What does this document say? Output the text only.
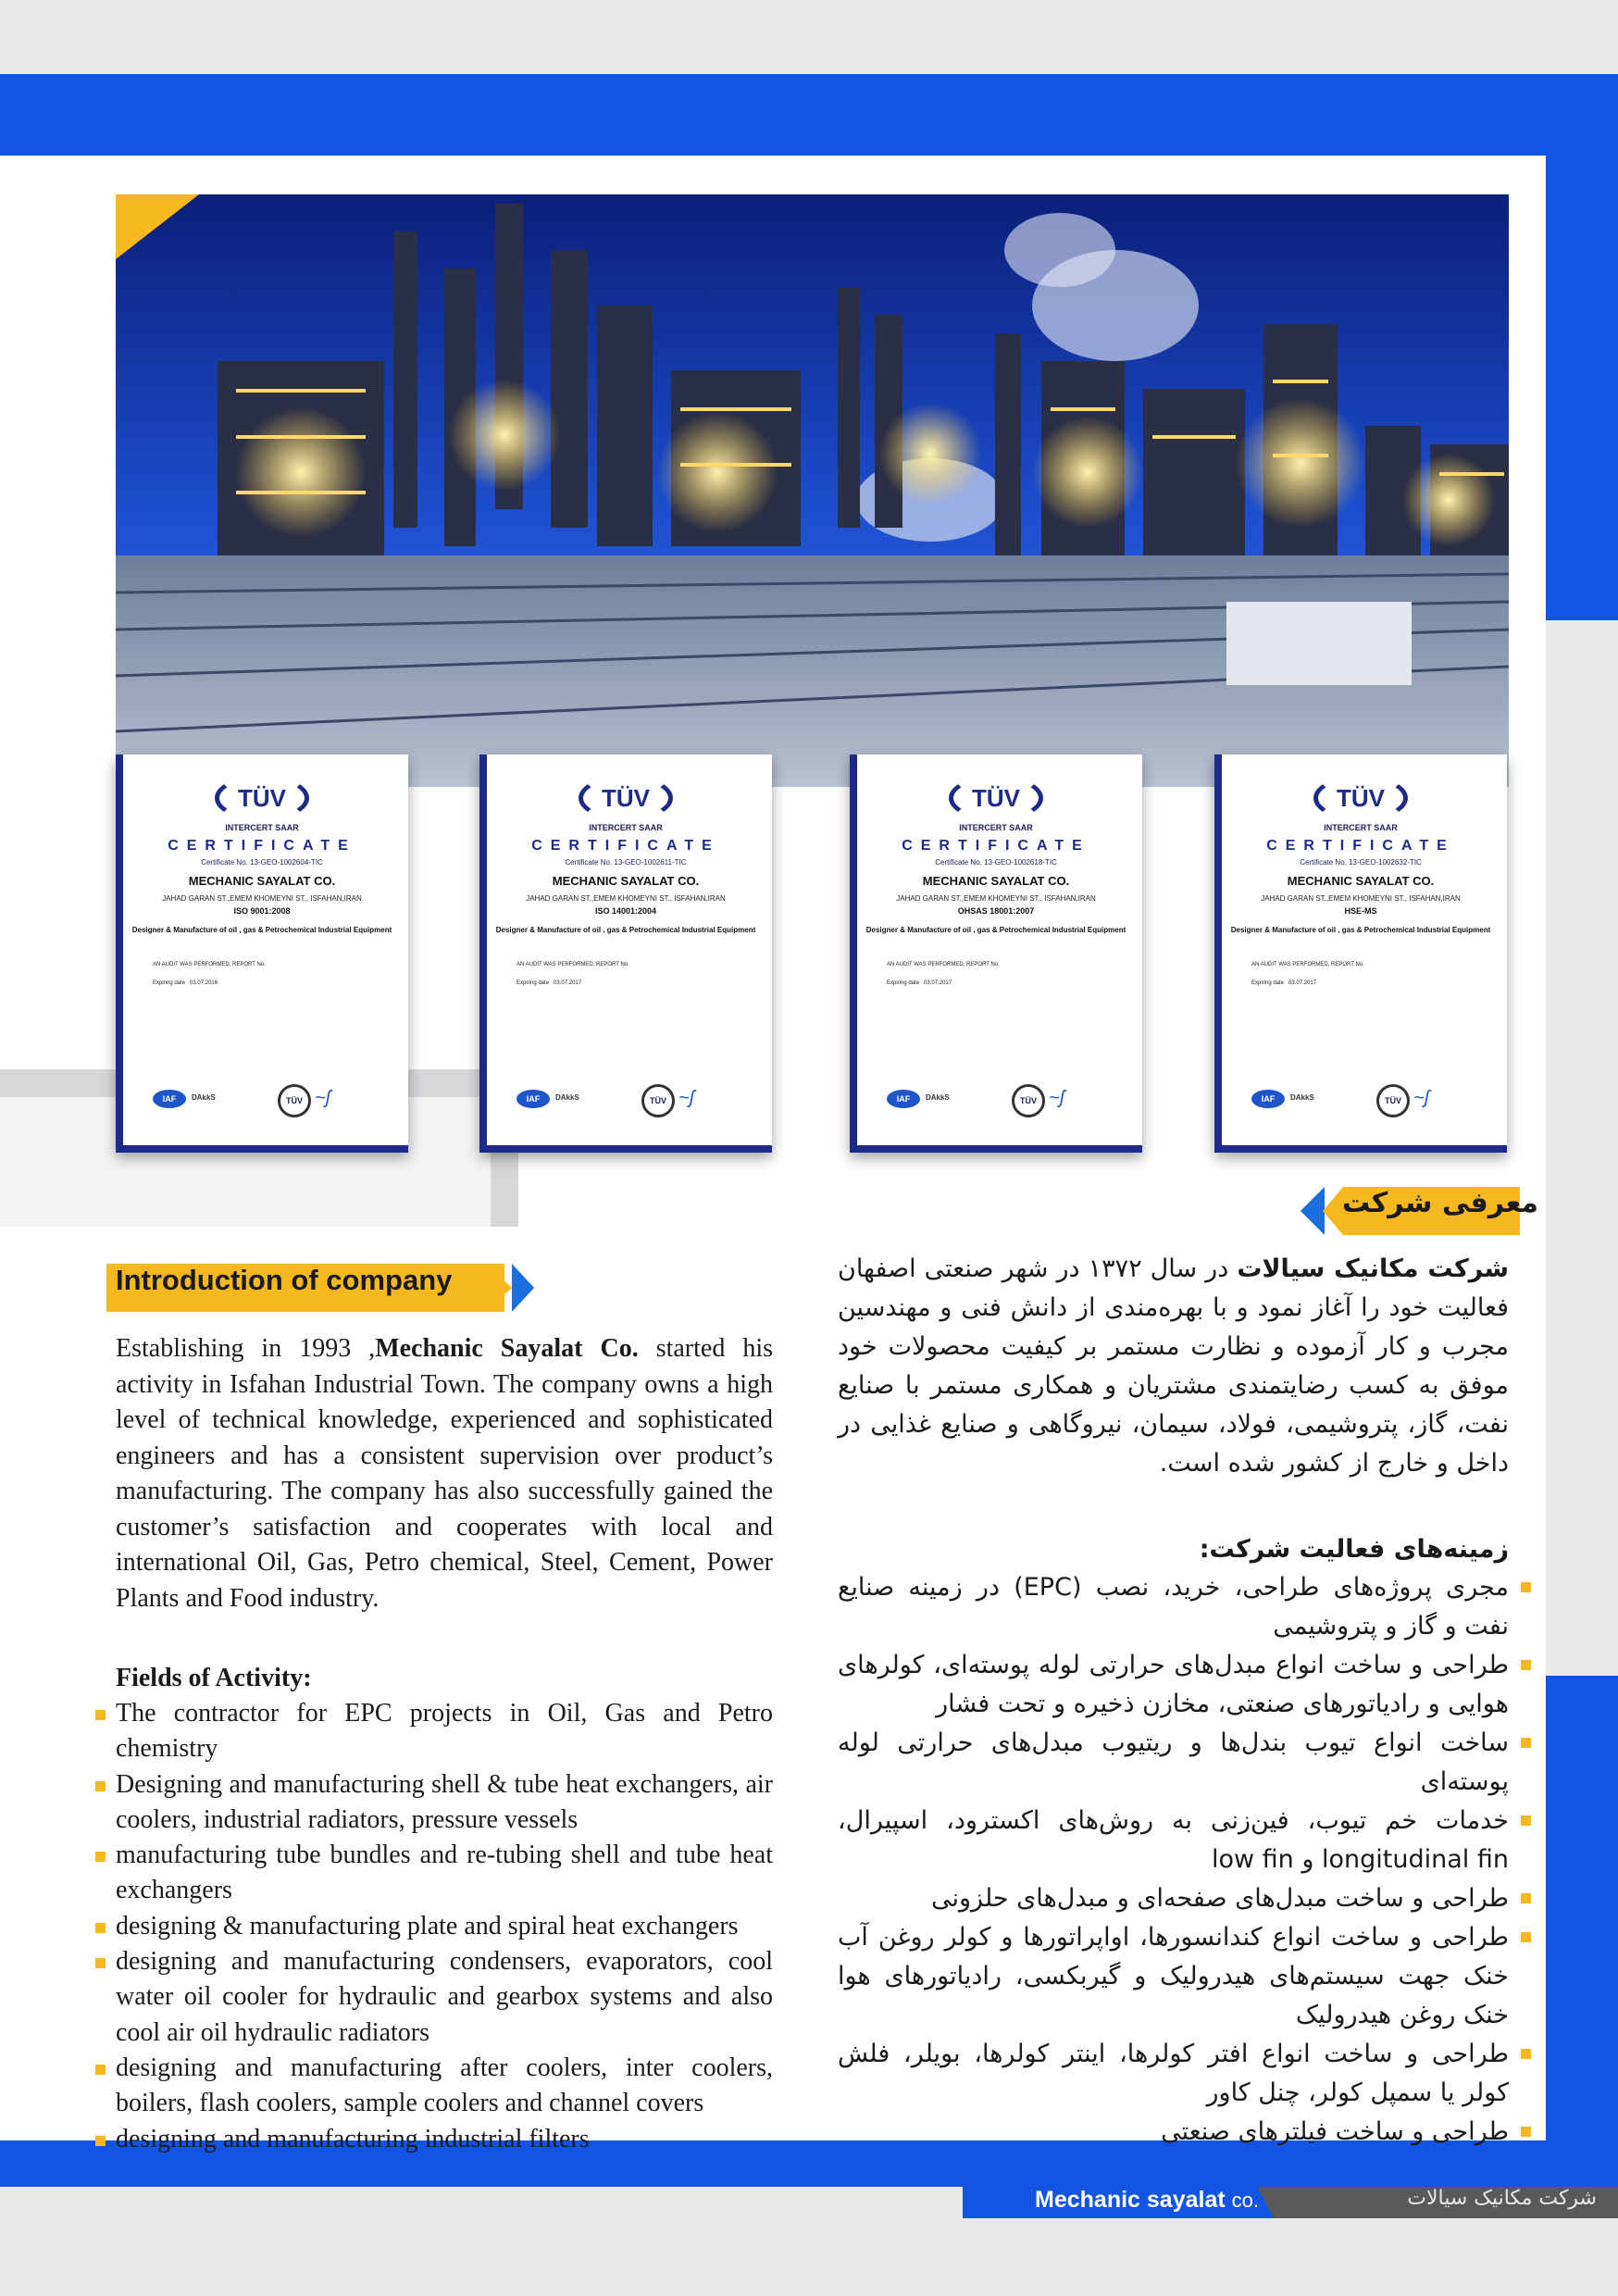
TÜV
INTERCERT SAAR
CERTIFICATE
Certificate No. 13-GEO-1002604-TIC
MECHANIC SAYALAT CO.
JAHAD GARAN ST.,EMEM KHOMEYNI ST., ISFAHAN,IRAN
ISO 9001:2008
Designer & Manufacture of oil , gas & Petrochemical Industrial Equipment
AN AUDIT WAS PERFORMED, REPORT No.
Expiring date 03.07.2016
IAF	DAkkS	TÜV ~ʃ
TÜV
INTERCERT SAAR
CERTIFICATE
Certificate No. 13-GEO-1002611-TIC
MECHANIC SAYALAT CO.
JAHAD GARAN ST.,EMEM KHOMEYNI ST., ISFAHAN,IRAN
ISO 14001:2004
Designer & Manufacture of oil , gas & Petrochemical Industrial Equipment
AN AUDIT WAS PERFORMED, REPORT No.
Expiring date 03.07.2017
IAF	DAkkS	TÜV ~ʃ
TÜV
INTERCERT SAAR
CERTIFICATE
Certificate No. 13-GEO-1002618-TIC
MECHANIC SAYALAT CO.
JAHAD GARAN ST.,EMEM KHOMEYNI ST., ISFAHAN,IRAN
OHSAS 18001:2007
Designer & Manufacture of oil , gas & Petrochemical Industrial Equipment
AN AUDIT WAS PERFORMED, REPORT No.
Expiring date 03.07.2017
IAF	DAkkS	TÜV ~ʃ
TÜV
INTERCERT SAAR
CERTIFICATE
Certificate No. 13-GEO-1002632-TIC
MECHANIC SAYALAT CO.
JAHAD GARAN ST.,EMEM KHOMEYNI ST., ISFAHAN,IRAN
HSE-MS
Designer & Manufacture of oil , gas & Petrochemical Industrial Equipment
AN AUDIT WAS PERFORMED, REPORT No.
Expiring date 03.07.2017
IAF	DAkkS	TÜV ~ʃ
Introduction of company
معرفی شرکت

Establishing in 1993 ,Mechanic Sayalat Co. started his activity in Isfahan Industrial Town. The company owns a high level of technical knowledge, experienced and sophisticated engineers and has a consistent supervision over product’s manufacturing. The company has also successfully gained the customer’s satisfaction and cooperates with local and international Oil, Gas, Petro chemical, Steel, Cement, Power Plants and Food industry.

Fields of Activity:
The contractor for EPC projects in Oil, Gas and Petro chemistry
Designing and manufacturing shell & tube heat exchangers, air coolers, industrial radiators, pressure vessels
manufacturing tube bundles and re-tubing shell and tube heat exchangers
designing & manufacturing plate and spiral heat exchangers
designing and manufacturing condensers, evaporators, cool water oil cooler for hydraulic and gearbox systems and also cool air oil hydraulic radiators
designing and manufacturing after coolers, inter coolers, boilers, flash coolers, sample coolers and channel covers
designing and manufacturing industrial filters

شرکت مکانیک سیالات در سال ۱۳۷۲ در شهر صنعتی اصفهان فعالیت خود را آغاز نمود و با بهره‌مندی از دانش فنی و مهندسین مجرب و کار آزموده و نظارت مستمر بر کیفیت محصولات خود موفق به کسب رضایتمندی مشتریان و همکاری مستمر با صنایع نفت، گاز، پتروشیمی، فولاد، سیمان، نیروگاهی و صنایع غذایی در داخل و خارج از کشور شده است.

زمینه‌های فعالیت شرکت:
مجری پروژه‌های طراحی، خرید، نصب (EPC) در زمینه صنایع نفت و گاز و پتروشیمی
طراحی و ساخت انواع مبدل‌های حرارتی لوله پوسته‌ای، کولرهای هوایی و رادیاتورهای صنعتی، مخازن ذخیره و تحت فشار
ساخت انواع تیوب بندل‌ها و ریتیوب مبدل‌های حرارتی لوله پوسته‌ای
خدمات خم تیوب، فین‌زنی به روش‌های اکسترود، اسپیرال، longitudinal fin و low fin
طراحی و ساخت مبدل‌های صفحه‌ای و مبدل‌های حلزونی
طراحی و ساخت انواع کندانسورها، اواپراتورها و کولر روغن آب خنک جهت سیستم‌های هیدرولیک و گیربکسی، رادیاتورهای هوا خنک روغن هیدرولیک
طراحی و ساخت انواع افتر کولرها، اینتر کولرها، بویلر، فلش کولر یا سمپل کولر، چنل کاور
طراحی و ساخت فیلترهای صنعتی
Mechanic sayalat co.	شرکت مکانیک سیالات
